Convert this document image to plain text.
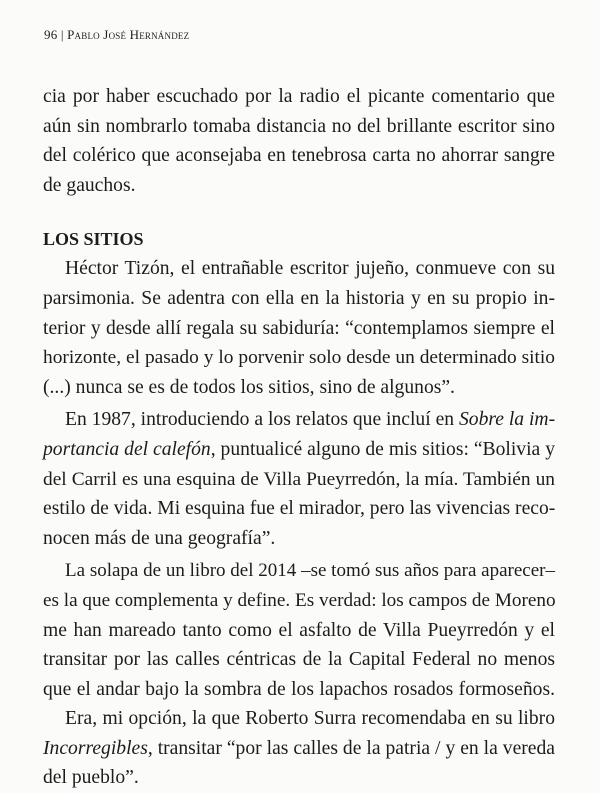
96 | Pablo José Hernández
cia por haber escuchado por la radio el picante comentario que
aún sin nombrarlo tomaba distancia no del brillante escritor sino
del colérico que aconsejaba en tenebrosa carta no ahorrar sangre
de gauchos.
LOS SITIOS
Héctor Tizón, el entrañable escritor jujeño, conmueve con su
parsimonia. Se adentra con ella en la historia y en su propio in-
terior y desde allí regala su sabiduría: “contemplamos siempre el
horizonte, el pasado y lo porvenir solo desde un determinado sitio
(...) nunca se es de todos los sitios, sino de algunos”.
En 1987, introduciendo a los relatos que incluí en Sobre la im-
portancia del calefón, puntualicé alguno de mis sitios: “Bolivia y
del Carril es una esquina de Villa Pueyrredón, la mía. También un
estilo de vida. Mi esquina fue el mirador, pero las vivencias reco-
nocen más de una geografía”.
La solapa de un libro del 2014 –se tomó sus años para aparecer–
es la que complementa y define. Es verdad: los campos de Moreno
me han mareado tanto como el asfalto de Villa Pueyrredón y el
transitar por las calles céntricas de la Capital Federal no menos
que el andar bajo la sombra de los lapachos rosados formoseños.
Era, mi opción, la que Roberto Surra recomendaba en su libro
Incorregibles, transitar “por las calles de la patria / y en la vereda
del pueblo”.
